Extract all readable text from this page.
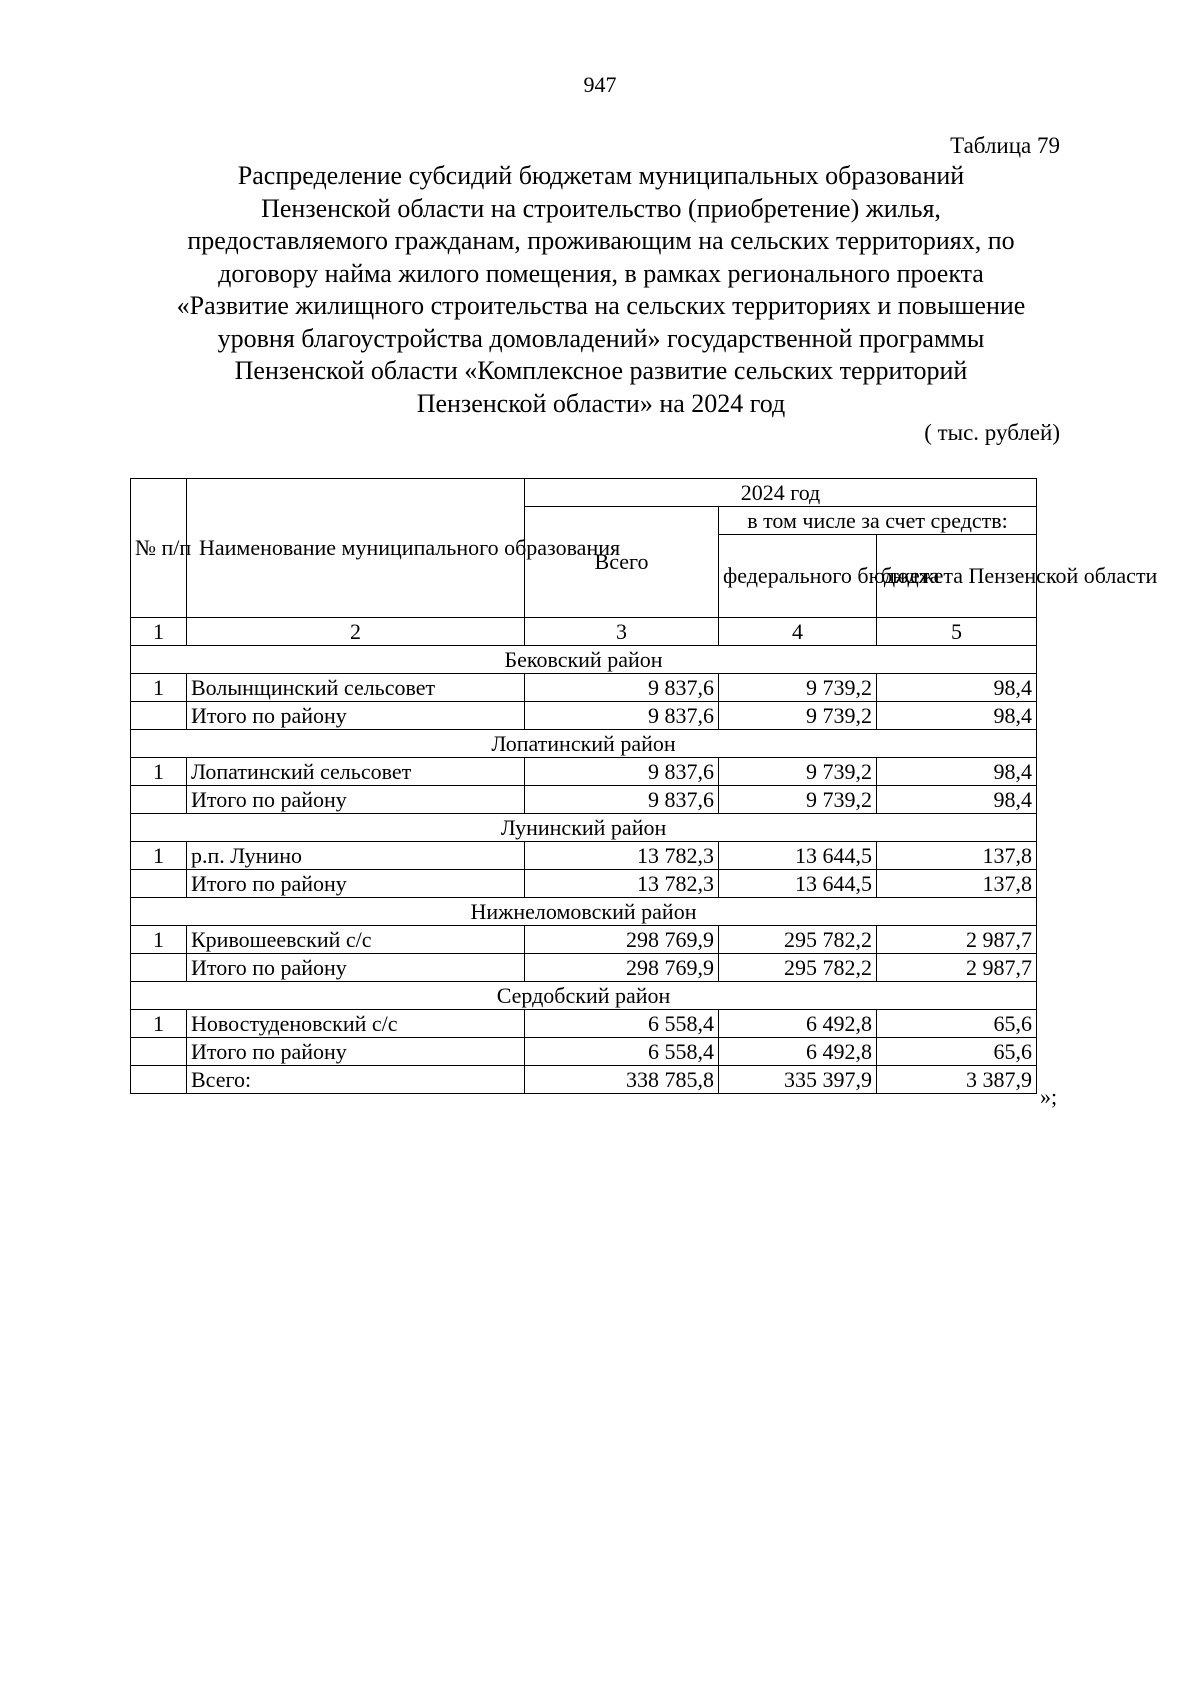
947
Таблица 79
Распределение субсидий бюджетам муниципальных образований
Пензенской области на строительство (приобретение) жилья,
предоставляемого гражданам, проживающим на сельских территориях, по
договору найма жилого помещения, в рамках регионального проекта
«Развитие жилищного строительства на сельских территориях и повышение
уровня благоустройства домовладений» государственной программы
Пензенской области «Комплексное развитие сельских территорий
Пензенской области» на 2024 год
( тыс. рублей)
№ п/п	Наименование муниципального образования	2024 год		
		Всего	в том числе за счет средств:	
			федерального бюджета	бюджета Пензенской области
1	2	3	4	5
Бековский район				
1	Волынщинский сельсовет	9 837,6	9 739,2	98,4
	Итого по району	9 837,6	9 739,2	98,4
Лопатинский район				
1	Лопатинский сельсовет	9 837,6	9 739,2	98,4
	Итого по району	9 837,6	9 739,2	98,4
Лунинский район				
1	р.п. Лунино	13 782,3	13 644,5	137,8
	Итого по району	13 782,3	13 644,5	137,8
Нижнеломовский район				
1	Кривошеевский с/с	298 769,9	295 782,2	2 987,7
	Итого по району	298 769,9	295 782,2	2 987,7
Сердобский район				
1	Новостуденовский с/с	6 558,4	6 492,8	65,6
	Итого по району	6 558,4	6 492,8	65,6
	Всего:	338 785,8	335 397,9	3 387,9
»;
